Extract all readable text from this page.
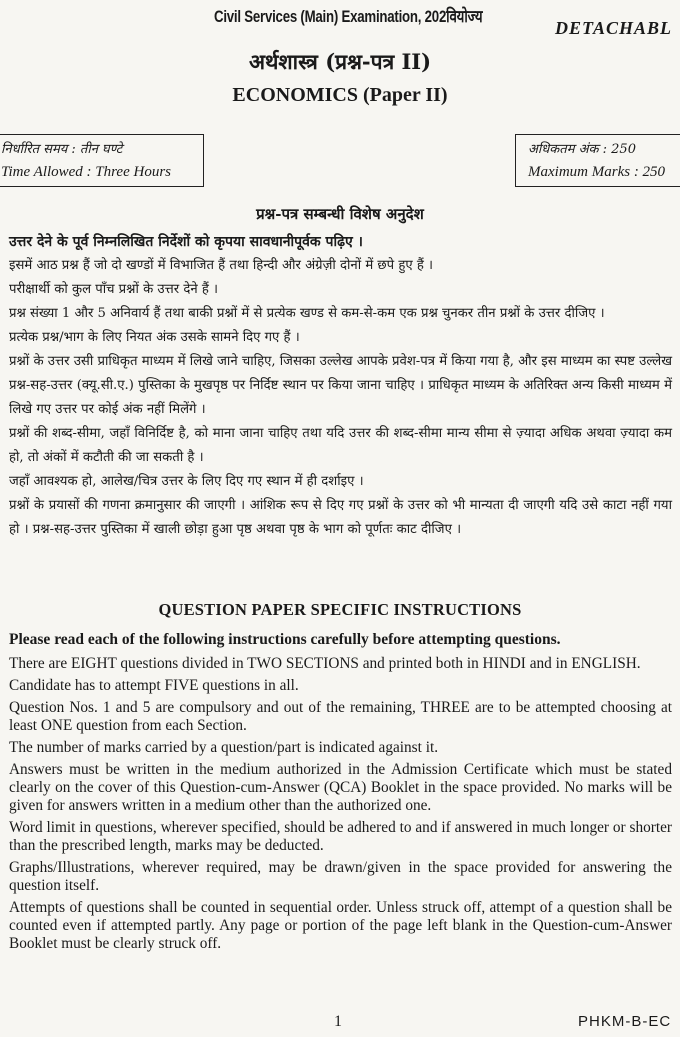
Civil Services (Main) Examination, 202वियोज्य
DETACHABL
अर्थशास्त्र (प्रश्न-पत्र II)
ECONOMICS (Paper II)
निर्धारित समय : तीन घण्टे
Time Allowed : Three Hours
अधिकतम अंक : 250
Maximum Marks : 250
प्रश्न-पत्र सम्बन्धी विशेष अनुदेश

उत्तर देने के पूर्व निम्नलिखित निर्देशों को कृपया सावधानीपूर्वक पढ़िए ।

इसमें आठ प्रश्न हैं जो दो खण्डों में विभाजित हैं तथा हिन्दी और अंग्रेज़ी दोनों में छपे हुए हैं ।

परीक्षार्थी को कुल पाँच प्रश्नों के उत्तर देने हैं ।

प्रश्न संख्या 1 और 5 अनिवार्य हैं तथा बाकी प्रश्नों में से प्रत्येक खण्ड से कम-से-कम एक प्रश्न चुनकर तीन प्रश्नों के उत्तर दीजिए ।

प्रत्येक प्रश्न/भाग के लिए नियत अंक उसके सामने दिए गए हैं ।

प्रश्नों के उत्तर उसी प्राधिकृत माध्यम में लिखे जाने चाहिए, जिसका उल्लेख आपके प्रवेश-पत्र में किया गया है, और इस माध्यम का स्पष्ट उल्लेख प्रश्न-सह-उत्तर (क्यू.सी.ए.) पुस्तिका के मुखपृष्ठ पर निर्दिष्ट स्थान पर किया जाना चाहिए । प्राधिकृत माध्यम के अतिरिक्त अन्य किसी माध्यम में लिखे गए उत्तर पर कोई अंक नहीं मिलेंगे ।

प्रश्नों की शब्द-सीमा, जहाँ विनिर्दिष्ट है, को माना जाना चाहिए तथा यदि उत्तर की शब्द-सीमा मान्य सीमा से ज़्यादा अधिक अथवा ज़्यादा कम हो, तो अंकों में कटौती की जा सकती है ।

जहाँ आवश्यक हो, आलेख/चित्र उत्तर के लिए दिए गए स्थान में ही दर्शाइए ।

प्रश्नों के प्रयासों की गणना क्रमानुसार की जाएगी । आंशिक रूप से दिए गए प्रश्नों के उत्तर को भी मान्यता दी जाएगी यदि उसे काटा नहीं गया हो । प्रश्न-सह-उत्तर पुस्तिका में खाली छोड़ा हुआ पृष्ठ अथवा पृष्ठ के भाग को पूर्णतः काट दीजिए ।

QUESTION PAPER SPECIFIC INSTRUCTIONS

Please read each of the following instructions carefully before attempting questions.

There are EIGHT questions divided in TWO SECTIONS and printed both in HINDI and in ENGLISH.

Candidate has to attempt FIVE questions in all.

Question Nos. 1 and 5 are compulsory and out of the remaining, THREE are to be attempted choosing at least ONE question from each Section.

The number of marks carried by a question/part is indicated against it.

Answers must be written in the medium authorized in the Admission Certificate which must be stated clearly on the cover of this Question-cum-Answer (QCA) Booklet in the space provided. No marks will be given for answers written in a medium other than the authorized one.

Word limit in questions, wherever specified, should be adhered to and if answered in much longer or shorter than the prescribed length, marks may be deducted.

Graphs/Illustrations, wherever required, may be drawn/given in the space provided for answering the question itself.

Attempts of questions shall be counted in sequential order. Unless struck off, attempt of a question shall be counted even if attempted partly. Any page or portion of the page left blank in the Question-cum-Answer Booklet must be clearly struck off.

1	PHKM-B-EC
